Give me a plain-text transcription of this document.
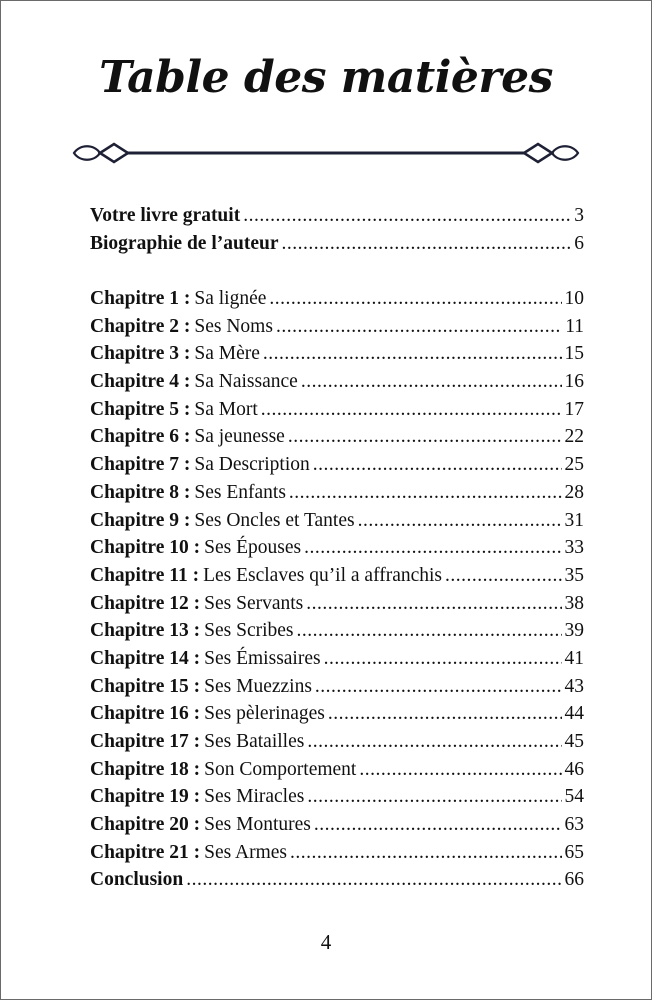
Table des matières
Votre livre gratuit .....	3
Biographie de l’auteur .....	6
Chapitre 1 : Sa lignée .....	10
Chapitre 2 : Ses Noms .....	11
Chapitre 3 : Sa Mère .....	15
Chapitre 4 : Sa Naissance .....	16
Chapitre 5 : Sa Mort .....	17
Chapitre 6 : Sa jeunesse .....	22
Chapitre 7 : Sa Description .....	25
Chapitre 8 : Ses Enfants .....	28
Chapitre 9 : Ses Oncles et Tantes .....	31
Chapitre 10 : Ses Épouses .....	33
Chapitre 11 : Les Esclaves qu’il a affranchis .....	35
Chapitre 12 : Ses Servants .....	38
Chapitre 13 : Ses Scribes .....	39
Chapitre 14 : Ses Émissaires .....	41
Chapitre 15 : Ses Muezzins .....	43
Chapitre 16 : Ses pèlerinages .....	44
Chapitre 17 : Ses Batailles .....	45
Chapitre 18 : Son Comportement .....	46
Chapitre 19 : Ses Miracles .....	54
Chapitre 20 : Ses Montures .....	63
Chapitre 21 : Ses Armes .....	65
Conclusion .....	66
4
